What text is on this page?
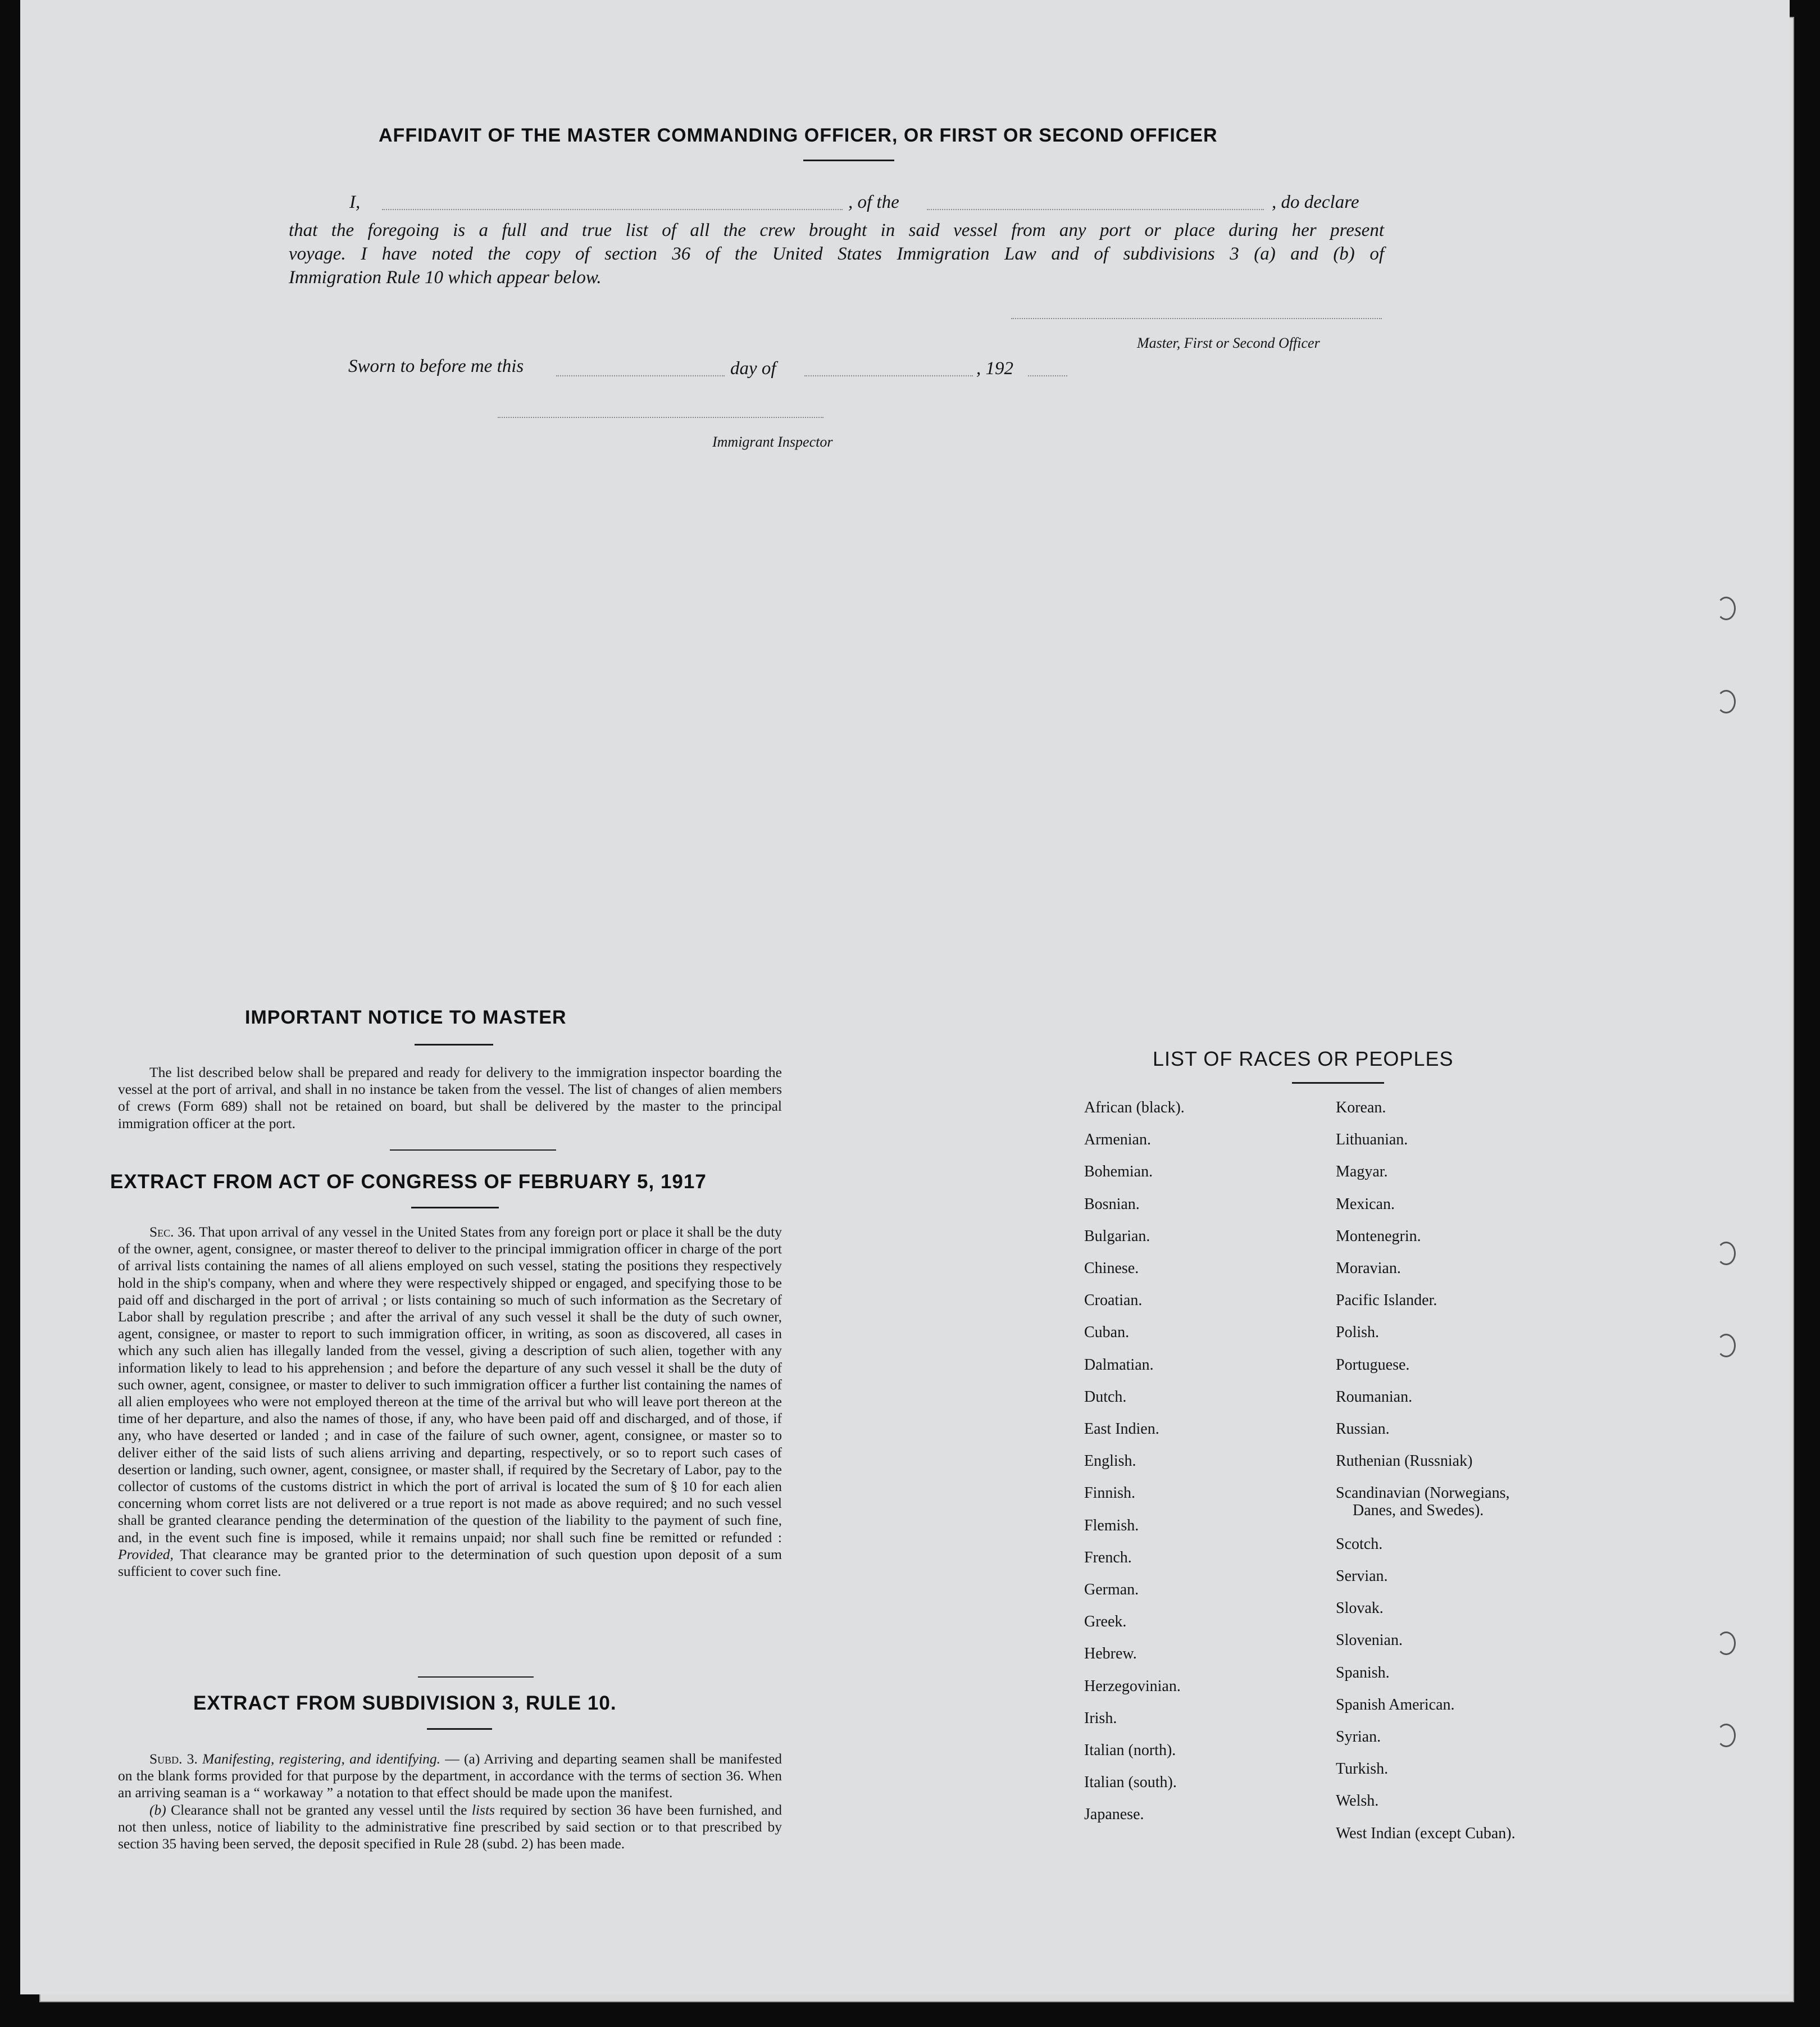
AFFIDAVIT OF THE MASTER COMMANDING OFFICER, OR FIRST OR SECOND OFFICER
I,	, of the	, do declare
that the foregoing is a full and true list of all the crew brought in said vessel from any port or place during her present
voyage. I have noted the copy of section 36 of the United States Immigration Law and of subdivisions 3 (a) and (b) of
Immigration Rule 10 which appear below.
Master, First or Second Officer
Sworn to before me this	day of	, 192
Immigrant Inspector
IMPORTANT NOTICE TO MASTER

The list described below shall be prepared and ready for delivery to the immigration inspector boarding the vessel at the port of arrival, and shall in no instance be taken from the vessel. The list of changes of alien members of crews (Form 689) shall not be retained on board, but shall be delivered by the master to the principal immigration officer at the port.

EXTRACT FROM ACT OF CONGRESS OF FEBRUARY 5, 1917

Sec. 36. That upon arrival of any vessel in the United States from any foreign port or place it shall be the duty of the owner, agent, consignee, or master thereof to deliver to the principal immigration officer in charge of the port of arrival lists containing the names of all aliens employed on such vessel, stating the positions they respectively hold in the ship's company, when and where they were respectively shipped or engaged, and specifying those to be paid off and discharged in the port of arrival ; or lists containing so much of such information as the Secretary of Labor shall by regulation prescribe ; and after the arrival of any such vessel it shall be the duty of such owner, agent, consignee, or master to report to such immigration officer, in writing, as soon as discovered, all cases in which any such alien has illegally landed from the vessel, giving a description of such alien, together with any information likely to lead to his apprehension ; and before the departure of any such vessel it shall be the duty of such owner, agent, consignee, or master to deliver to such immigration officer a further list containing the names of all alien employees who were not employed thereon at the time of the arrival but who will leave port thereon at the time of her departure, and also the names of those, if any, who have been paid off and discharged, and of those, if any, who have deserted or landed ; and in case of the failure of such owner, agent, consignee, or master so to deliver either of the said lists of such aliens arriving and departing, respectively, or so to report such cases of desertion or landing, such owner, agent, consignee, or master shall, if required by the Secretary of Labor, pay to the collector of customs of the customs district in which the port of arrival is located the sum of § 10 for each alien concerning whom corret lists are not delivered or a true report is not made as above required; and no such vessel shall be granted clearance pending the determination of the question of the liability to the payment of such fine, and, in the event such fine is imposed, while it remains unpaid; nor shall such fine be remitted or refunded : Provided, That clearance may be granted prior to the determination of such question upon deposit of a sum sufficient to cover such fine.

EXTRACT FROM SUBDIVISION 3, RULE 10.

Subd. 3. Manifesting, registering, and identifying. — (a) Arriving and departing seamen shall be manifested on the blank forms provided for that purpose by the department, in accordance with the terms of section 36. When an arriving seaman is a “ workaway ” a notation to that effect should be made upon the manifest.

(b) Clearance shall not be granted any vessel until the lists required by section 36 have been furnished, and not then unless, notice of liability to the administrative fine prescribed by said section or to that prescribed by section 35 having been served, the deposit specified in Rule 28 (subd. 2) has been made.

LIST OF RACES OR PEOPLES
African (black).
Armenian.
Bohemian.
Bosnian.
Bulgarian.
Chinese.
Croatian.
Cuban.
Dalmatian.
Dutch.
East Indien.
English.
Finnish.
Flemish.
French.
German.
Greek.
Hebrew.
Herzegovinian.
Irish.
Italian (north).
Italian (south).
Japanese.
Korean.
Lithuanian.
Magyar.
Mexican.
Montenegrin.
Moravian.
Pacific Islander.
Polish.
Portuguese.
Roumanian.
Russian.
Ruthenian (Russniak)
Scandinavian (Norwegians,
Danes, and Swedes).
Scotch.
Servian.
Slovak.
Slovenian.
Spanish.
Spanish American.
Syrian.
Turkish.
Welsh.
West Indian (except Cuban).
